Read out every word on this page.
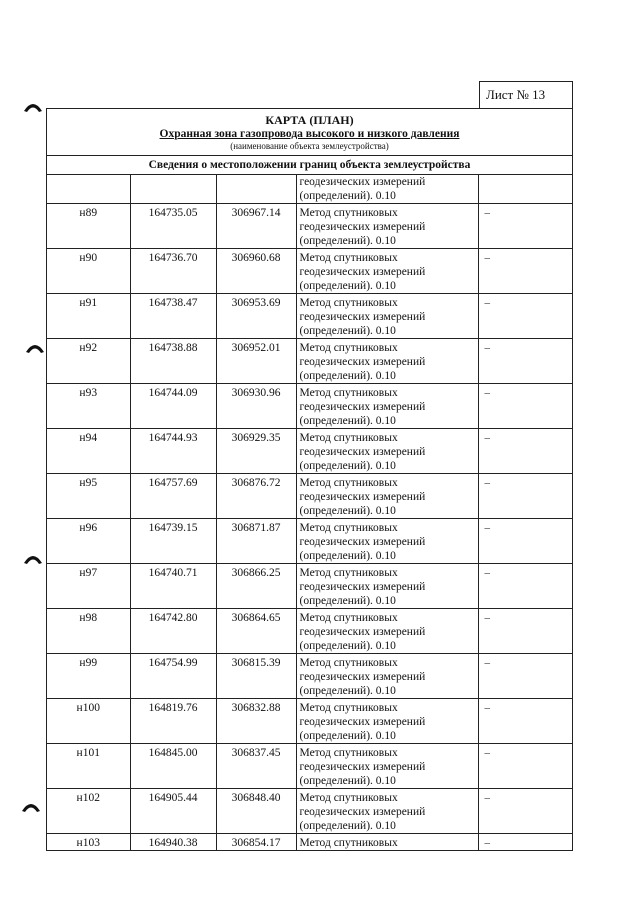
Лист № 13
КАРТА (ПЛАН)
Охранная зона газопровода высокого и низкого давления
(наименование объекта землеустройства)
Сведения о местоположении границ объекта землеустройства

			геодезических измерений
(определений). 0.10	

н89	164735.05	306967.14	Метод спутниковых
геодезических измерений
(определений). 0.10	–
н90	164736.70	306960.68	Метод спутниковых
геодезических измерений
(определений). 0.10	–
н91	164738.47	306953.69	Метод спутниковых
геодезических измерений
(определений). 0.10	–
н92	164738.88	306952.01	Метод спутниковых
геодезических измерений
(определений). 0.10	–
н93	164744.09	306930.96	Метод спутниковых
геодезических измерений
(определений). 0.10	–
н94	164744.93	306929.35	Метод спутниковых
геодезических измерений
(определений). 0.10	–
н95	164757.69	306876.72	Метод спутниковых
геодезических измерений
(определений). 0.10	–
н96	164739.15	306871.87	Метод спутниковых
геодезических измерений
(определений). 0.10	–
н97	164740.71	306866.25	Метод спутниковых
геодезических измерений
(определений). 0.10	–
н98	164742.80	306864.65	Метод спутниковых
геодезических измерений
(определений). 0.10	–
н99	164754.99	306815.39	Метод спутниковых
геодезических измерений
(определений). 0.10	–
н100	164819.76	306832.88	Метод спутниковых
геодезических измерений
(определений). 0.10	–
н101	164845.00	306837.45	Метод спутниковых
геодезических измерений
(определений). 0.10	–
н102	164905.44	306848.40	Метод спутниковых
геодезических измерений
(определений). 0.10	–
н103	164940.38	306854.17	Метод спутниковых	–
